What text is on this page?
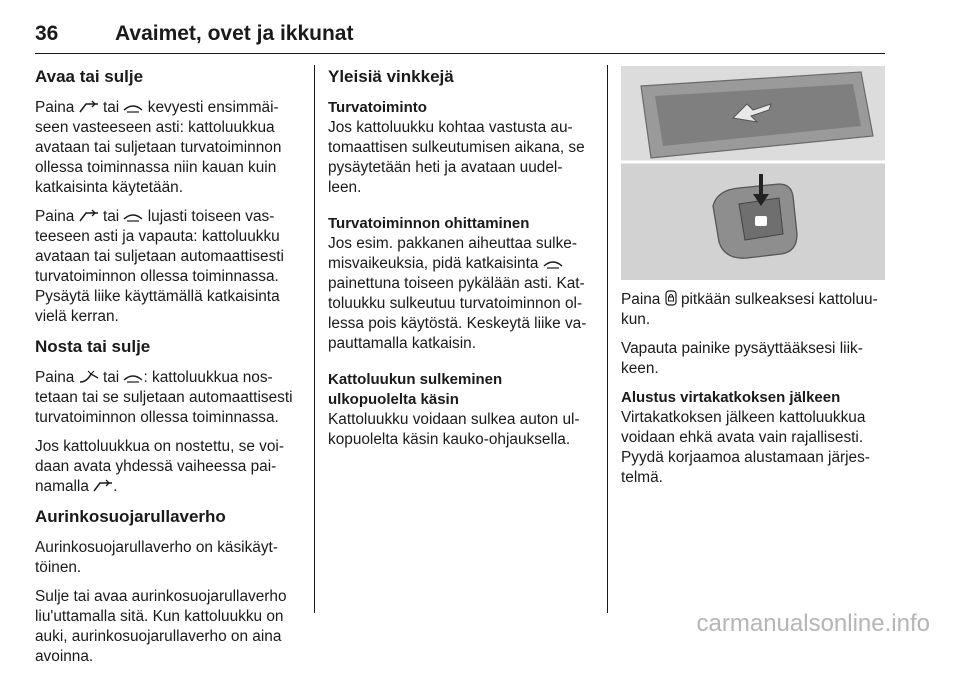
36	Avaimet, ovet ja ikkunat
Avaa tai sulje

Paina tai kevyesti ensimmäi-seen vasteeseen asti: kattoluukkua avataan tai suljetaan turvatoiminnon ollessa toiminnassa niin kauan kuin katkaisinta käytetään.

Paina tai lujasti toiseen vas-teeseen asti ja vapauta: kattoluukku avataan tai suljetaan automaattisesti turvatoiminnon ollessa toiminnassa. Pysäytä liike käyttämällä katkaisinta vielä kerran.

Nosta tai sulje

Paina tai : kattoluukkua nos-tetaan tai se suljetaan automaattisesti turvatoiminnon ollessa toiminnassa.

Jos kattoluukkua on nostettu, se voi-daan avata yhdessä vaiheessa pai-namalla .

Aurinkosuojarullaverho

Aurinkosuojarullaverho on käsikäyt-töinen.

Sulje tai avaa aurinkosuojarullaverho liu'uttamalla sitä. Kun kattoluukku on auki, aurinkosuojarullaverho on aina avoinna.

Yleisiä vinkkejä
Turvatoiminto

Jos kattoluukku kohtaa vastusta au-tomaattisen sulkeutumisen aikana, se pysäytetään heti ja avataan uudel-leen.

Turvatoiminnon ohittaminen

Jos esim. pakkanen aiheuttaa sulke-misvaikeuksia, pidä katkaisinta  painettuna toiseen pykälään asti. Kat-toluukku sulkeutuu turvatoiminnon ol-lessa pois käytöstä. Keskeytä liike va-pauttamalla katkaisin.

Kattoluukun sulkeminen ulkopuolelta käsin

Kattoluukku voidaan sulkea auton ul-kopuolelta käsin kauko-ohjauksella.

Paina pitkään sulkeaksesi kattoluu-kun.

Vapauta painike pysäyttääksesi liik-keen.

Alustus virtakatkoksen jälkeen

Virtakatkoksen jälkeen kattoluukkua voidaan ehkä avata vain rajallisesti. Pyydä korjaamoa alustamaan järjes-telmä.

carmanualsonline.info
